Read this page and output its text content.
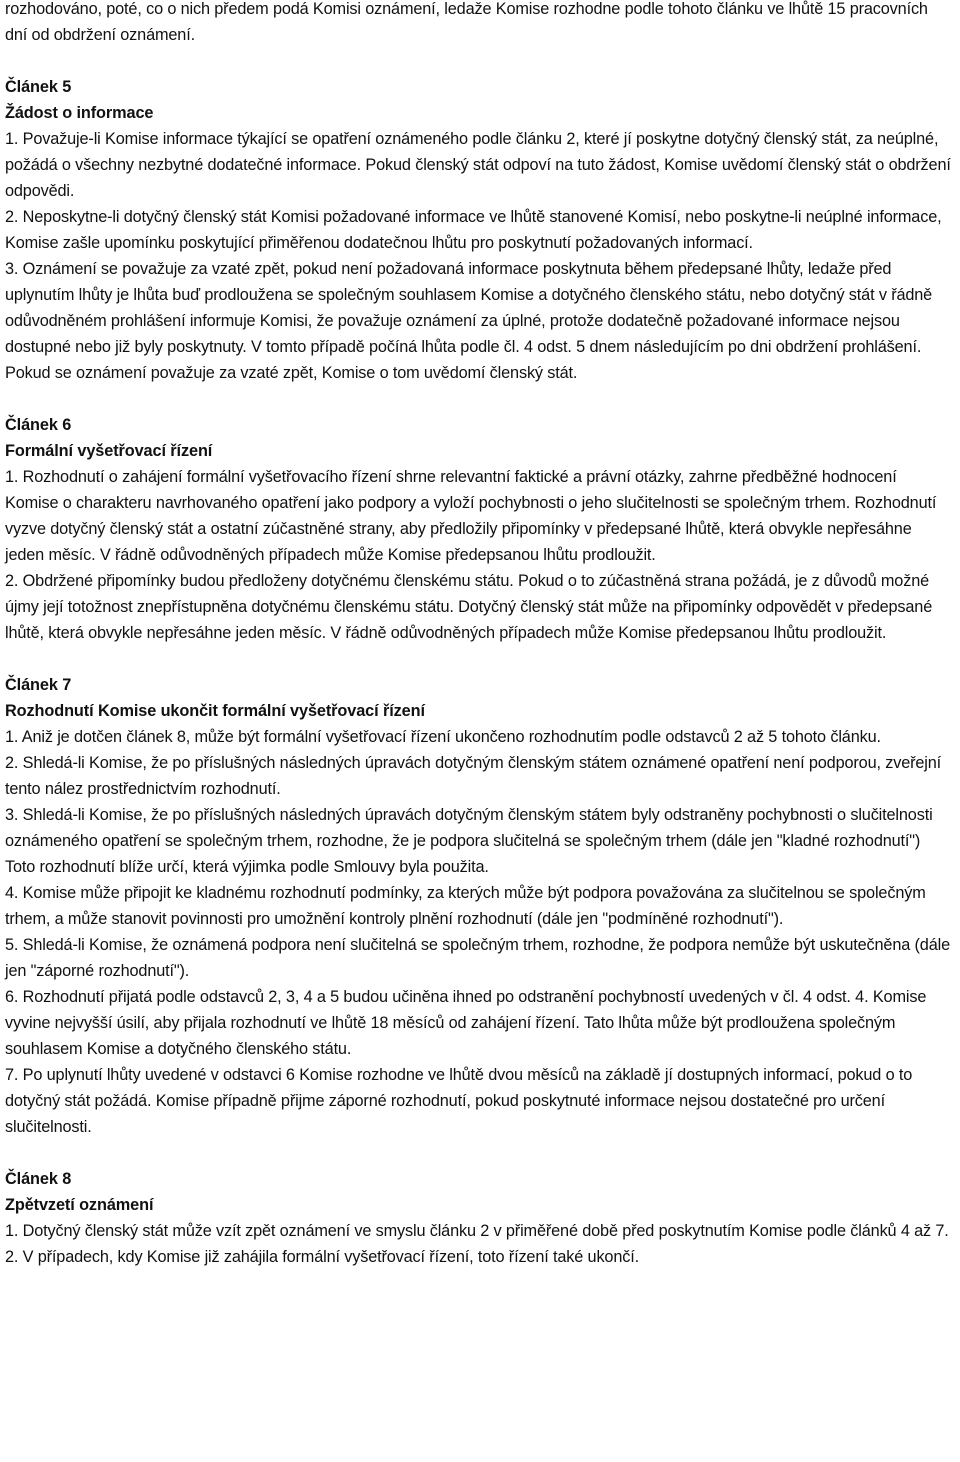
rozhodováno, poté, co o nich předem podá Komisi oznámení, ledaže Komise rozhodne podle tohoto článku ve lhůtě 15 pracovních dní od obdržení oznámení.

Článek 5

Žádost o informace

1. Považuje-li Komise informace týkající se opatření oznámeného podle článku 2, které jí poskytne dotyčný členský stát, za neúplné, požádá o všechny nezbytné dodatečné informace. Pokud členský stát odpoví na tuto žádost, Komise uvědomí členský stát o obdržení odpovědi.

2. Neposkytne-li dotyčný členský stát Komisi požadované informace ve lhůtě stanovené Komisí, nebo poskytne-li neúplné informace, Komise zašle upomínku poskytující přiměřenou dodatečnou lhůtu pro poskytnutí požadovaných informací.

3. Oznámení se považuje za vzaté zpět, pokud není požadovaná informace poskytnuta během předepsané lhůty, ledaže před uplynutím lhůty je lhůta buď prodloužena se společným souhlasem Komise a dotyčného členského státu, nebo dotyčný stát v řádně odůvodněném prohlášení informuje Komisi, že považuje oznámení za úplné, protože dodatečně požadované informace nejsou dostupné nebo již byly poskytnuty. V tomto případě počíná lhůta podle čl. 4 odst. 5 dnem následujícím po dni obdržení prohlášení. Pokud se oznámení považuje za vzaté zpět, Komise o tom uvědomí členský stát.

Článek 6

Formální vyšetřovací řízení

1. Rozhodnutí o zahájení formální vyšetřovacího řízení shrne relevantní faktické a právní otázky, zahrne předběžné hodnocení Komise o charakteru navrhovaného opatření jako podpory a vyloží pochybnosti o jeho slučitelnosti se společným trhem. Rozhodnutí vyzve dotyčný členský stát a ostatní zúčastněné strany, aby předložily připomínky v předepsané lhůtě, která obvykle nepřesáhne jeden měsíc. V řádně odůvodněných případech může Komise předepsanou lhůtu prodloužit.

2. Obdržené připomínky budou předloženy dotyčnému členskému státu. Pokud o to zúčastněná strana požádá, je z důvodů možné újmy její totožnost znepřístupněna dotyčnému členskému státu. Dotyčný členský stát může na připomínky odpovědět v předepsané lhůtě, která obvykle nepřesáhne jeden měsíc. V řádně odůvodněných případech může Komise předepsanou lhůtu prodloužit.

Článek 7

Rozhodnutí Komise ukončit formální vyšetřovací řízení

1. Aniž je dotčen článek 8, může být formální vyšetřovací řízení ukončeno rozhodnutím podle odstavců 2 až 5 tohoto článku.

2. Shledá-li Komise, že po příslušných následných úpravách dotyčným členským státem oznámené opatření není podporou, zveřejní tento nález prostřednictvím rozhodnutí.

3. Shledá-li Komise, že po příslušných následných úpravách dotyčným členským státem byly odstraněny pochybnosti o slučitelnosti oznámeného opatření se společným trhem, rozhodne, že je podpora slučitelná se společným trhem (dále jen "kladné rozhodnutí") Toto rozhodnutí blíže určí, která výjimka podle Smlouvy byla použita.

4. Komise může připojit ke kladnému rozhodnutí podmínky, za kterých může být podpora považována za slučitelnou se společným trhem, a může stanovit povinnosti pro umožnění kontroly plnění rozhodnutí (dále jen "podmíněné rozhodnutí").

5. Shledá-li Komise, že oznámená podpora není slučitelná se společným trhem, rozhodne, že podpora nemůže být uskutečněna (dále jen "záporné rozhodnutí").

6. Rozhodnutí přijatá podle odstavců 2, 3, 4 a 5 budou učiněna ihned po odstranění pochybností uvedených v čl. 4 odst. 4. Komise vyvine nejvyšší úsilí, aby přijala rozhodnutí ve lhůtě 18 měsíců od zahájení řízení. Tato lhůta může být prodloužena společným souhlasem Komise a dotyčného členského státu.

7. Po uplynutí lhůty uvedené v odstavci 6 Komise rozhodne ve lhůtě dvou měsíců na základě jí dostupných informací, pokud o to dotyčný stát požádá. Komise případně přijme záporné rozhodnutí, pokud poskytnuté informace nejsou dostatečné pro určení slučitelnosti.

Článek 8

Zpětvzetí oznámení

1. Dotyčný členský stát může vzít zpět oznámení ve smyslu článku 2 v přiměřené době před poskytnutím Komise podle článků 4 až 7.

2. V případech, kdy Komise již zahájila formální vyšetřovací řízení, toto řízení také ukončí.
